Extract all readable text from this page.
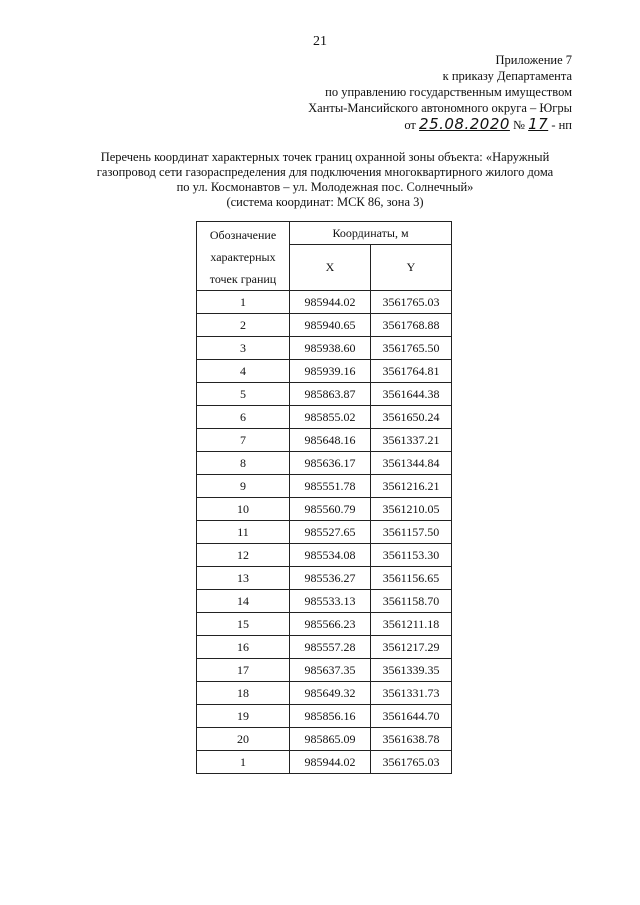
21
Приложение 7
к приказу Департамента
по управлению государственным имуществом
Ханты-Мансийского автономного округа – Югры
от 25.08.2020 № 17 - нп
Перечень координат характерных точек границ охранной зоны объекта: «Наружный
газопровод сети газораспределения для подключения многоквартирного жилого дома
по ул. Космонавтов – ул. Молодежная пос. Солнечный»
(система координат: МСК 86, зона 3)
Обозначение
характерных
точек границ	Координаты, м	
	X	Y
1	985944.02	3561765.03
2	985940.65	3561768.88
3	985938.60	3561765.50
4	985939.16	3561764.81
5	985863.87	3561644.38
6	985855.02	3561650.24
7	985648.16	3561337.21
8	985636.17	3561344.84
9	985551.78	3561216.21
10	985560.79	3561210.05
11	985527.65	3561157.50
12	985534.08	3561153.30
13	985536.27	3561156.65
14	985533.13	3561158.70
15	985566.23	3561211.18
16	985557.28	3561217.29
17	985637.35	3561339.35
18	985649.32	3561331.73
19	985856.16	3561644.70
20	985865.09	3561638.78
1	985944.02	3561765.03
